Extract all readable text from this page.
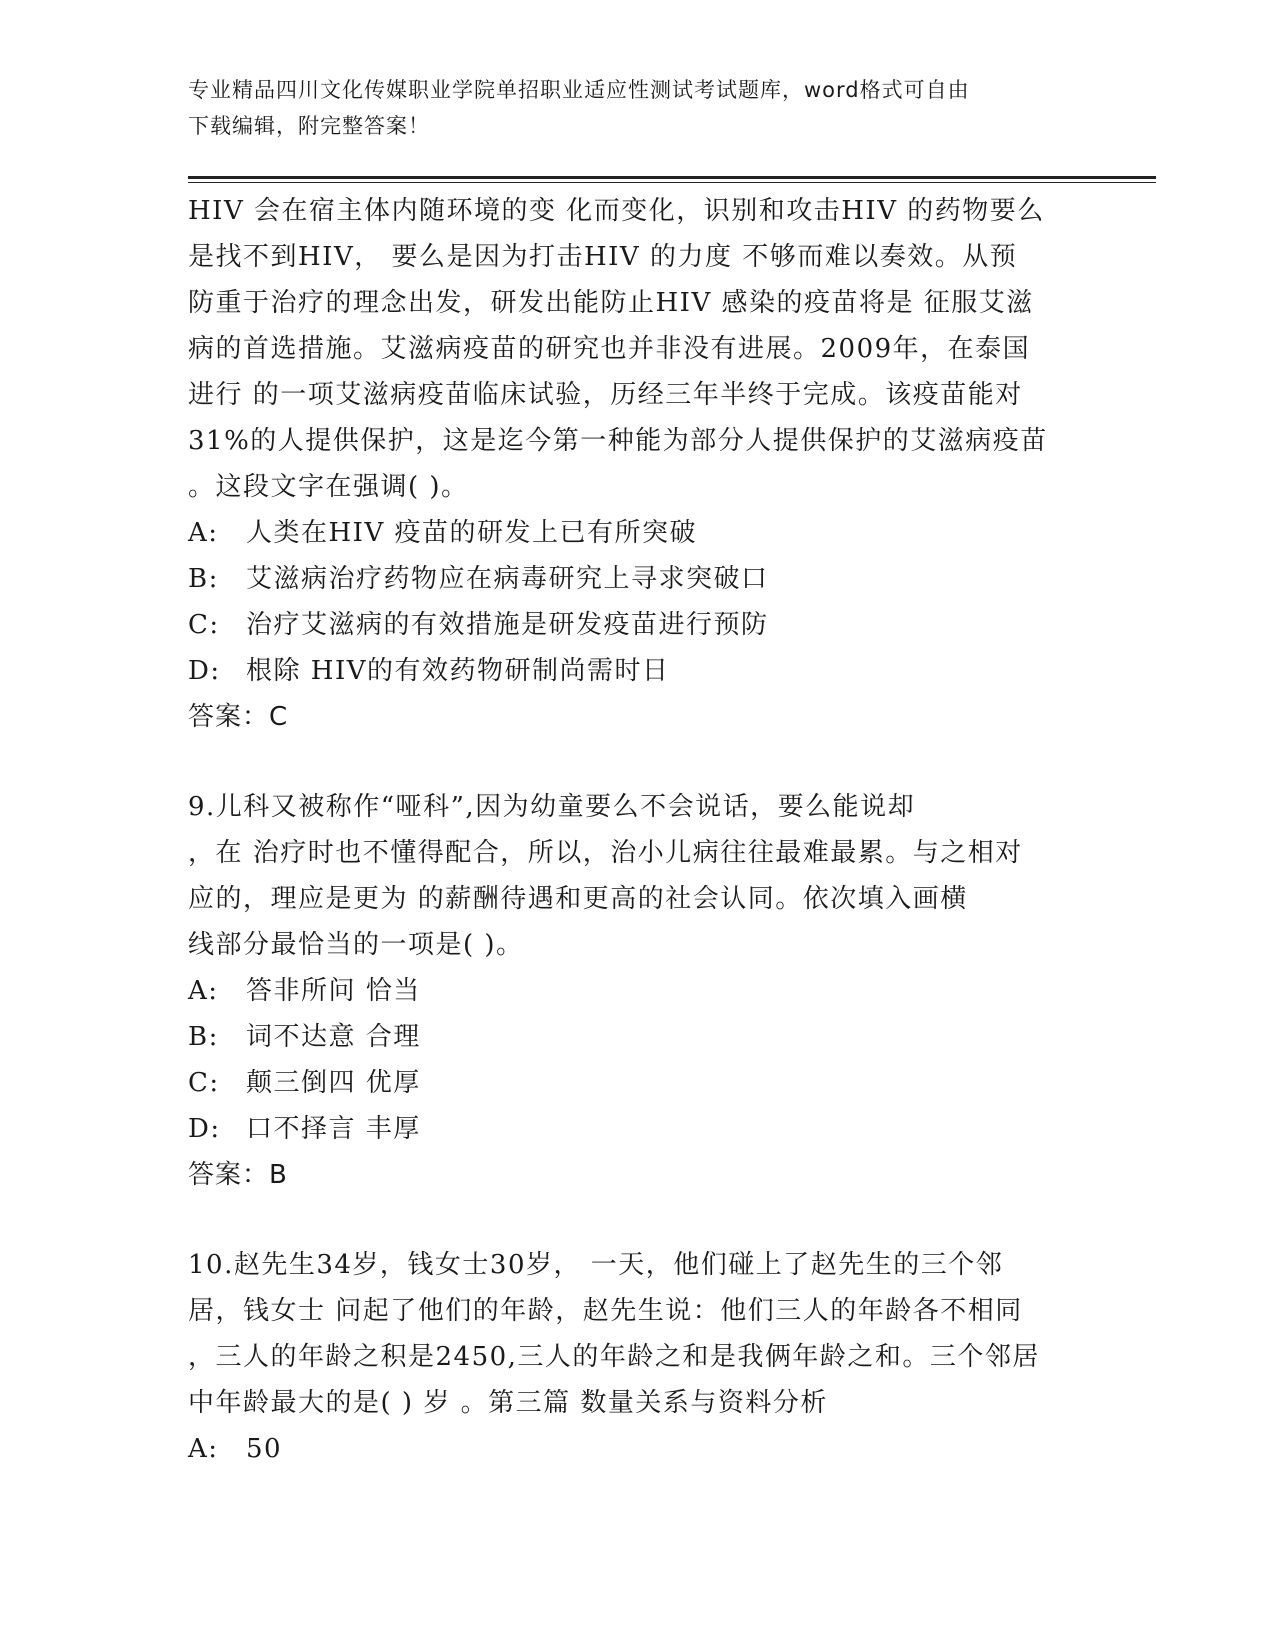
专业精品四川文化传媒职业学院单招职业适应性测试考试题库，word格式可自由
下载编辑，附完整答案！
HIV 会在宿主体内随环境的变 化而变化，识别和攻击HIV 的药物要么
是找不到HIV， 要么是因为打击HIV 的力度 不够而难以奏效。从预
防重于治疗的理念出发，研发出能防止HIV 感染的疫苗将是 征服艾滋
病的首选措施。艾滋病疫苗的研究也并非没有进展。2009年，在泰国
进行 的一项艾滋病疫苗临床试验，历经三年半终于完成。该疫苗能对
31%的人提供保护，这是迄今第一种能为部分人提供保护的艾滋病疫苗
。这段文字在强调( )。
A: 人类在HIV 疫苗的研发上已有所突破
B: 艾滋病治疗药物应在病毒研究上寻求突破口
C: 治疗艾滋病的有效措施是研发疫苗进行预防
D: 根除 HIV的有效药物研制尚需时日
答案：C
9.儿科又被称作“哑科”,因为幼童要么不会说话，要么能说却
，在 治疗时也不懂得配合，所以，治小儿病往往最难最累。与之相对
应的，理应是更为 的薪酬待遇和更高的社会认同。依次填入画横
线部分最恰当的一项是( )。
A: 答非所问 恰当
B: 词不达意 合理
C: 颠三倒四 优厚
D: 口不择言 丰厚
答案：B
10.赵先生34岁，钱女士30岁， 一天，他们碰上了赵先生的三个邻
居，钱女士 问起了他们的年龄，赵先生说：他们三人的年龄各不相同
，三人的年龄之积是2450,三人的年龄之和是我俩年龄之和。三个邻居
中年龄最大的是( ) 岁 。第三篇 数量关系与资料分析
A: 50
